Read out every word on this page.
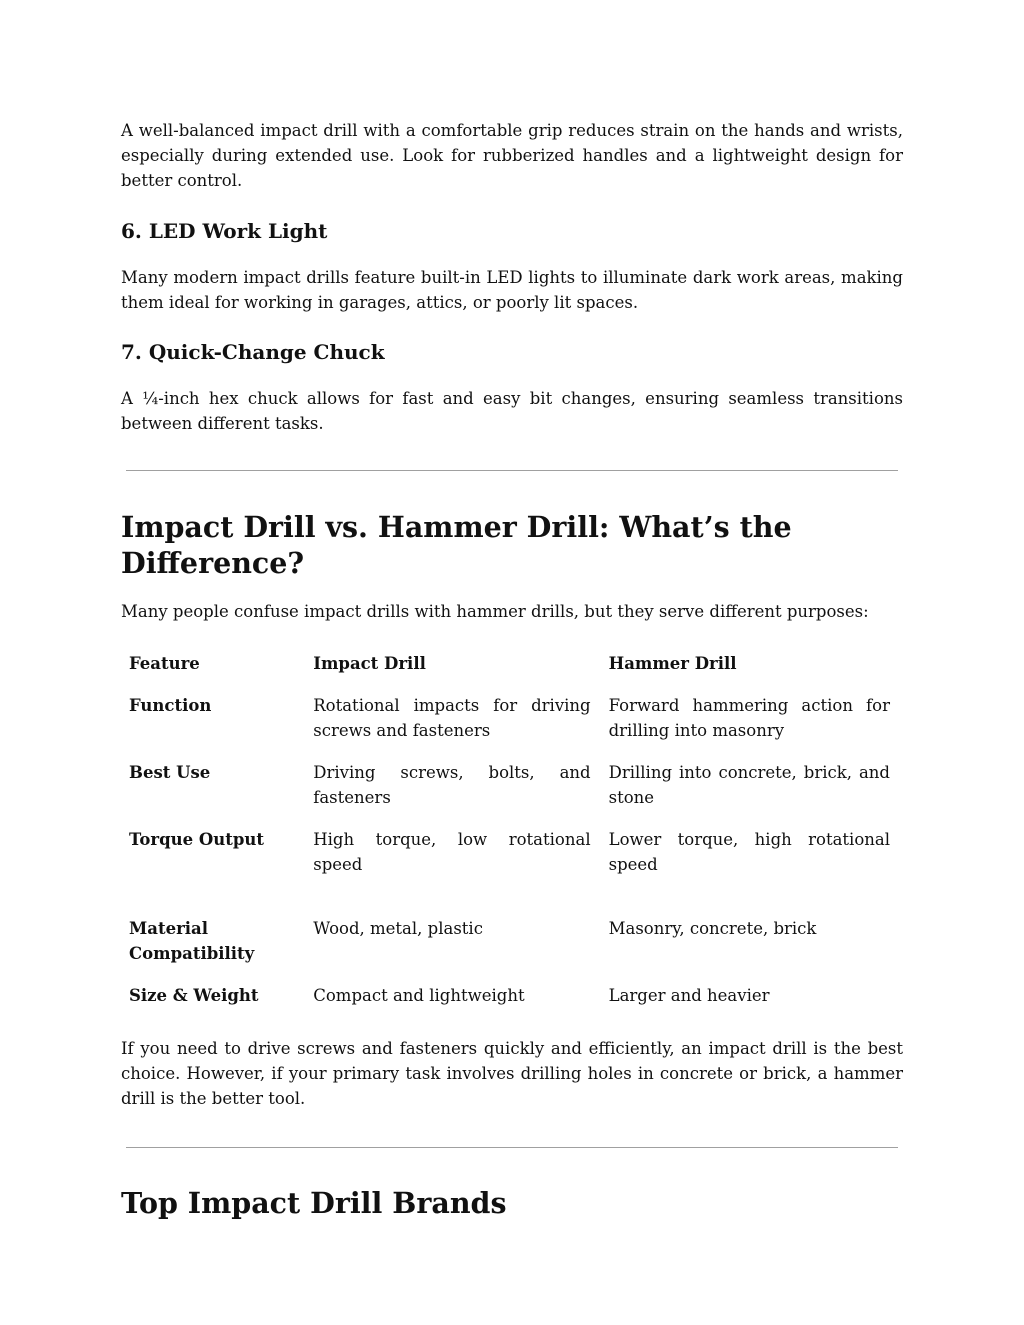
A well-balanced impact drill with a comfortable grip reduces strain on the hands and wrists, especially during extended use. Look for rubberized handles and a lightweight design for better control.

6. LED Work Light

Many modern impact drills feature built-in LED lights to illuminate dark work areas, making them ideal for working in garages, attics, or poorly lit spaces.

7. Quick-Change Chuck

A ¼-inch hex chuck allows for fast and easy bit changes, ensuring seamless transitions between different tasks.

Impact Drill vs. Hammer Drill: What’s the Difference?

Many people confuse impact drills with hammer drills, but they serve different purposes:

Feature	Impact Drill	Hammer Drill
Function	Rotational impacts for driving screws and fasteners	Forward hammering action for drilling into masonry
Best Use	Driving screws, bolts, and fasteners	Drilling into concrete, brick, and stone
Torque Output	High torque, low rotational speed	Lower torque, high rotational speed
Material Compatibility	Wood, metal, plastic	Masonry, concrete, brick
Size & Weight	Compact and lightweight	Larger and heavier

If you need to drive screws and fasteners quickly and efficiently, an impact drill is the best choice. However, if your primary task involves drilling holes in concrete or brick, a hammer drill is the better tool.

Top Impact Drill Brands
